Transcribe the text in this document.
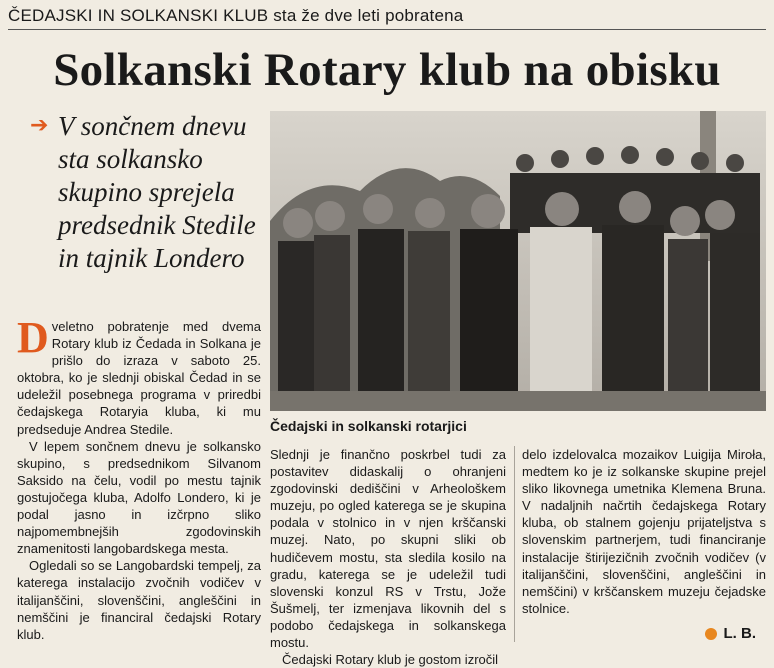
ČEDAJSKI IN SOLKANSKI KLUB sta že dve leti pobratena
Solkanski Rotary klub na obisku
➔ V sončnem dnevu sta solkansko skupino sprejela predsednik Stedile in tajnik Londero

Dveletno pobratenje med dvema Rotary klub iz Čedada in Solkana je prišlo do izraza v saboto 25. oktobra, ko je slednji obiskal Čedad in se udeležil posebnega programa v priredbi čedajskega Rotaryia kluba, ki mu predseduje Andrea Stedile.

V lepem sončnem dnevu je solkansko skupino, s predsednikom Silvanom Saksido na čelu, vodil po mestu tajnik gostujočega kluba, Adolfo Londero, ki je podal jasno in izčrpno sliko najpomembnejših zgodovinskih znamenitosti langobardskega mesta.

Ogledali so se Langobardski tempelj, za katerega instalacijo zvočnih vodičev v italijanščini, slovenščini, angleščini in nemščini je financiral čedajski Rotary klub.

Čedajski in solkanski rotarjici

Slednji je finančno poskrbel tudi za postavitev didaskalij o ohranjeni zgodovinski dediščini v Arheološkem muzeju, po ogled katerega se je skupina podala v stolnico in v njen krščanski muzej. Nato, po skupni sliki ob hudičevem mostu, sta sledila kosilo na gradu, katerega se je udeležil tudi slovenski konzul RS v Trstu, Jože Šušmelj, ter izmenjava likovnih del s podobo čedajskega in solkanskega mostu.

Čedajski Rotary klub je gostom izročil

delo izdelovalca mozaikov Luigija Miroła, medtem ko je iz solkanske skupine prejel sliko likovnega umetnika Klemena Bruna. V nadaljnih načrtih čedajskega Rotary kluba, ob stalnem gojenju prijateljstva s slovenskim partnerjem, tudi financiranje instalacije štirijezičnih zvočnih vodičev (v italijanščini, slovenščini, angleščini in nemščini) v krščanskem muzeju čejadske stolnice.

L. B.
